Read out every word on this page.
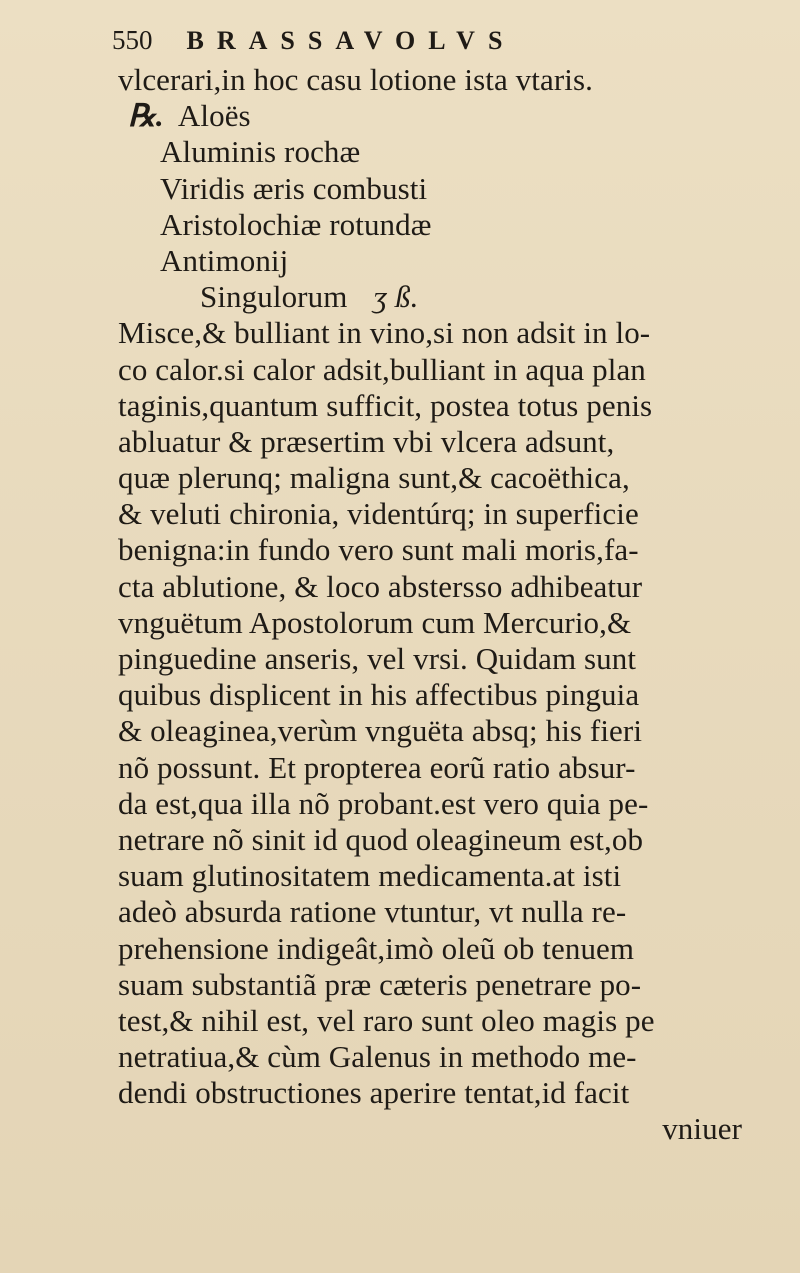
550 BRASSAVOLVS
vlcerari,in hoc casu lotione ista vtaris.
℞. Aloës
Aluminis rochæ
Viridis æris combusti
Aristolochiæ rotundæ
Antimonij
Singulorum ʒ ß.
Misce,& bulliant in vino,si non adsit in lo-
co calor.si calor adsit,bulliant in aqua plan
taginis,quantum sufficit, postea totus penis
abluatur & præsertim vbi vlcera adsunt,
quæ plerunq; maligna sunt,& cacoëthica,
& veluti chironia, videntúrq; in superficie
benigna:in fundo vero sunt mali moris,fa-
cta ablutione, & loco abstersso adhibeatur
vnguëtum Apostolorum cum Mercurio,&
pinguedine anseris, vel vrsi. Quidam sunt
quibus displicent in his affectibus pinguia
& oleaginea,verùm vnguëta absq; his fieri
nõ possunt. Et propterea eorũ ratio absur-
da est,qua illa nõ probant.est vero quia pe-
netrare nõ sinit id quod oleagineum est,ob
suam glutinositatem medicamenta.at isti
adeò absurda ratione vtuntur, vt nulla re-
prehensione indigeât,imò oleũ ob tenuem
suam substantiã præ cæteris penetrare po-
test,& nihil est, vel raro sunt oleo magis pe
netratiua,& cùm Galenus in methodo me-
dendi obstructiones aperire tentat,id facit
vniuer
